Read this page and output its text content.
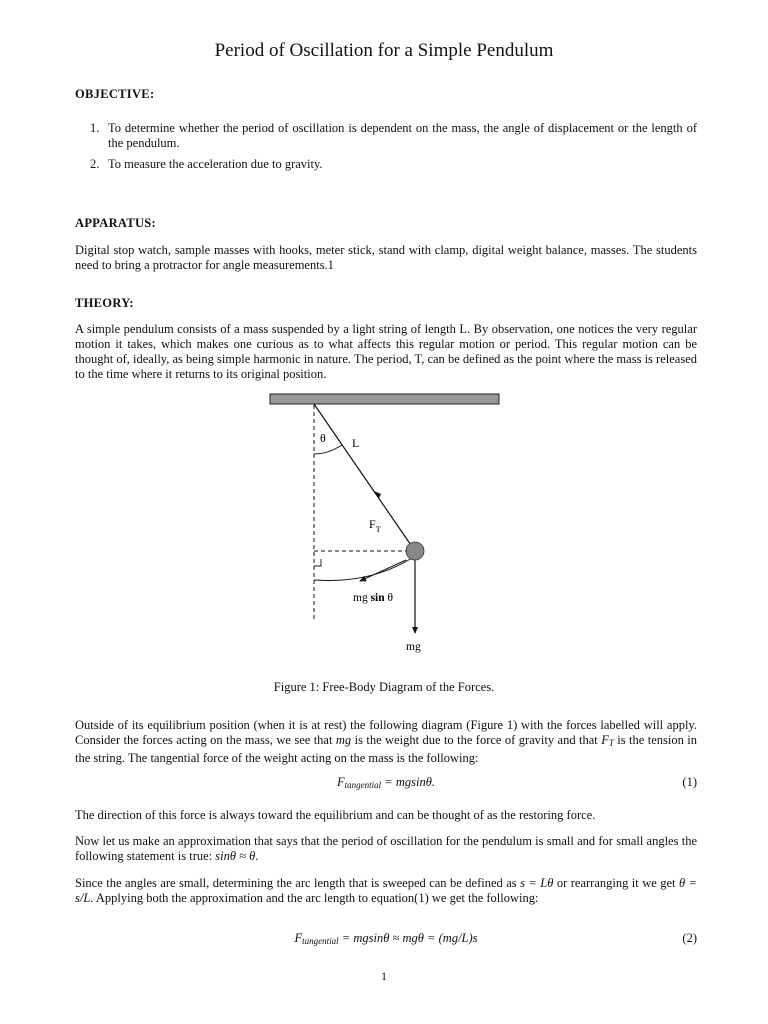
Period of Oscillation for a Simple Pendulum
OBJECTIVE:
1. To determine whether the period of oscillation is dependent on the mass, the angle of displacement or the length of the pendulum.
2. To measure the acceleration due to gravity.
APPARATUS:
Digital stop watch, sample masses with hooks, meter stick, stand with clamp, digital weight balance, masses. The students need to bring a protractor for angle measurements.1
THEORY:
A simple pendulum consists of a mass suspended by a light string of length L. By observation, one notices the very regular motion it takes, which makes one curious as to what affects this regular motion or period. This regular motion can be thought of, ideally, as being simple harmonic in nature. The period, T, can be defined as the point where the mass is released to the time where it returns to its original position.
θ L
$F_T$
mg sin θ
mg
Figure 1: Free-Body Diagram of the Forces.
Outside of its equilibrium position (when it is at rest) the following diagram (Figure 1) with the forces labelled will apply. Consider the forces acting on the mass, we see that mg is the weight due to the force of gravity and that $F_T$ is the tension in the string. The tangential force of the weight acting on the mass is the following:
$F_{tangential} = mgsin\theta$.	(1)
The direction of this force is always toward the equilibrium and can be thought of as the restoring force.
Now let us make an approximation that says that the period of oscillation for the pendulum is small and for small angles the following statement is true: sinθ ≈ θ.
Since the angles are small, determining the arc length that is sweeped can be defined as s = Lθ or rearranging it we get θ = s/L. Applying both the approximation and the arc length to equation(1) we get the following:
$F_{tangential} = mgsin\theta \approx mg\theta = (mg/L)s$	(2)
1
